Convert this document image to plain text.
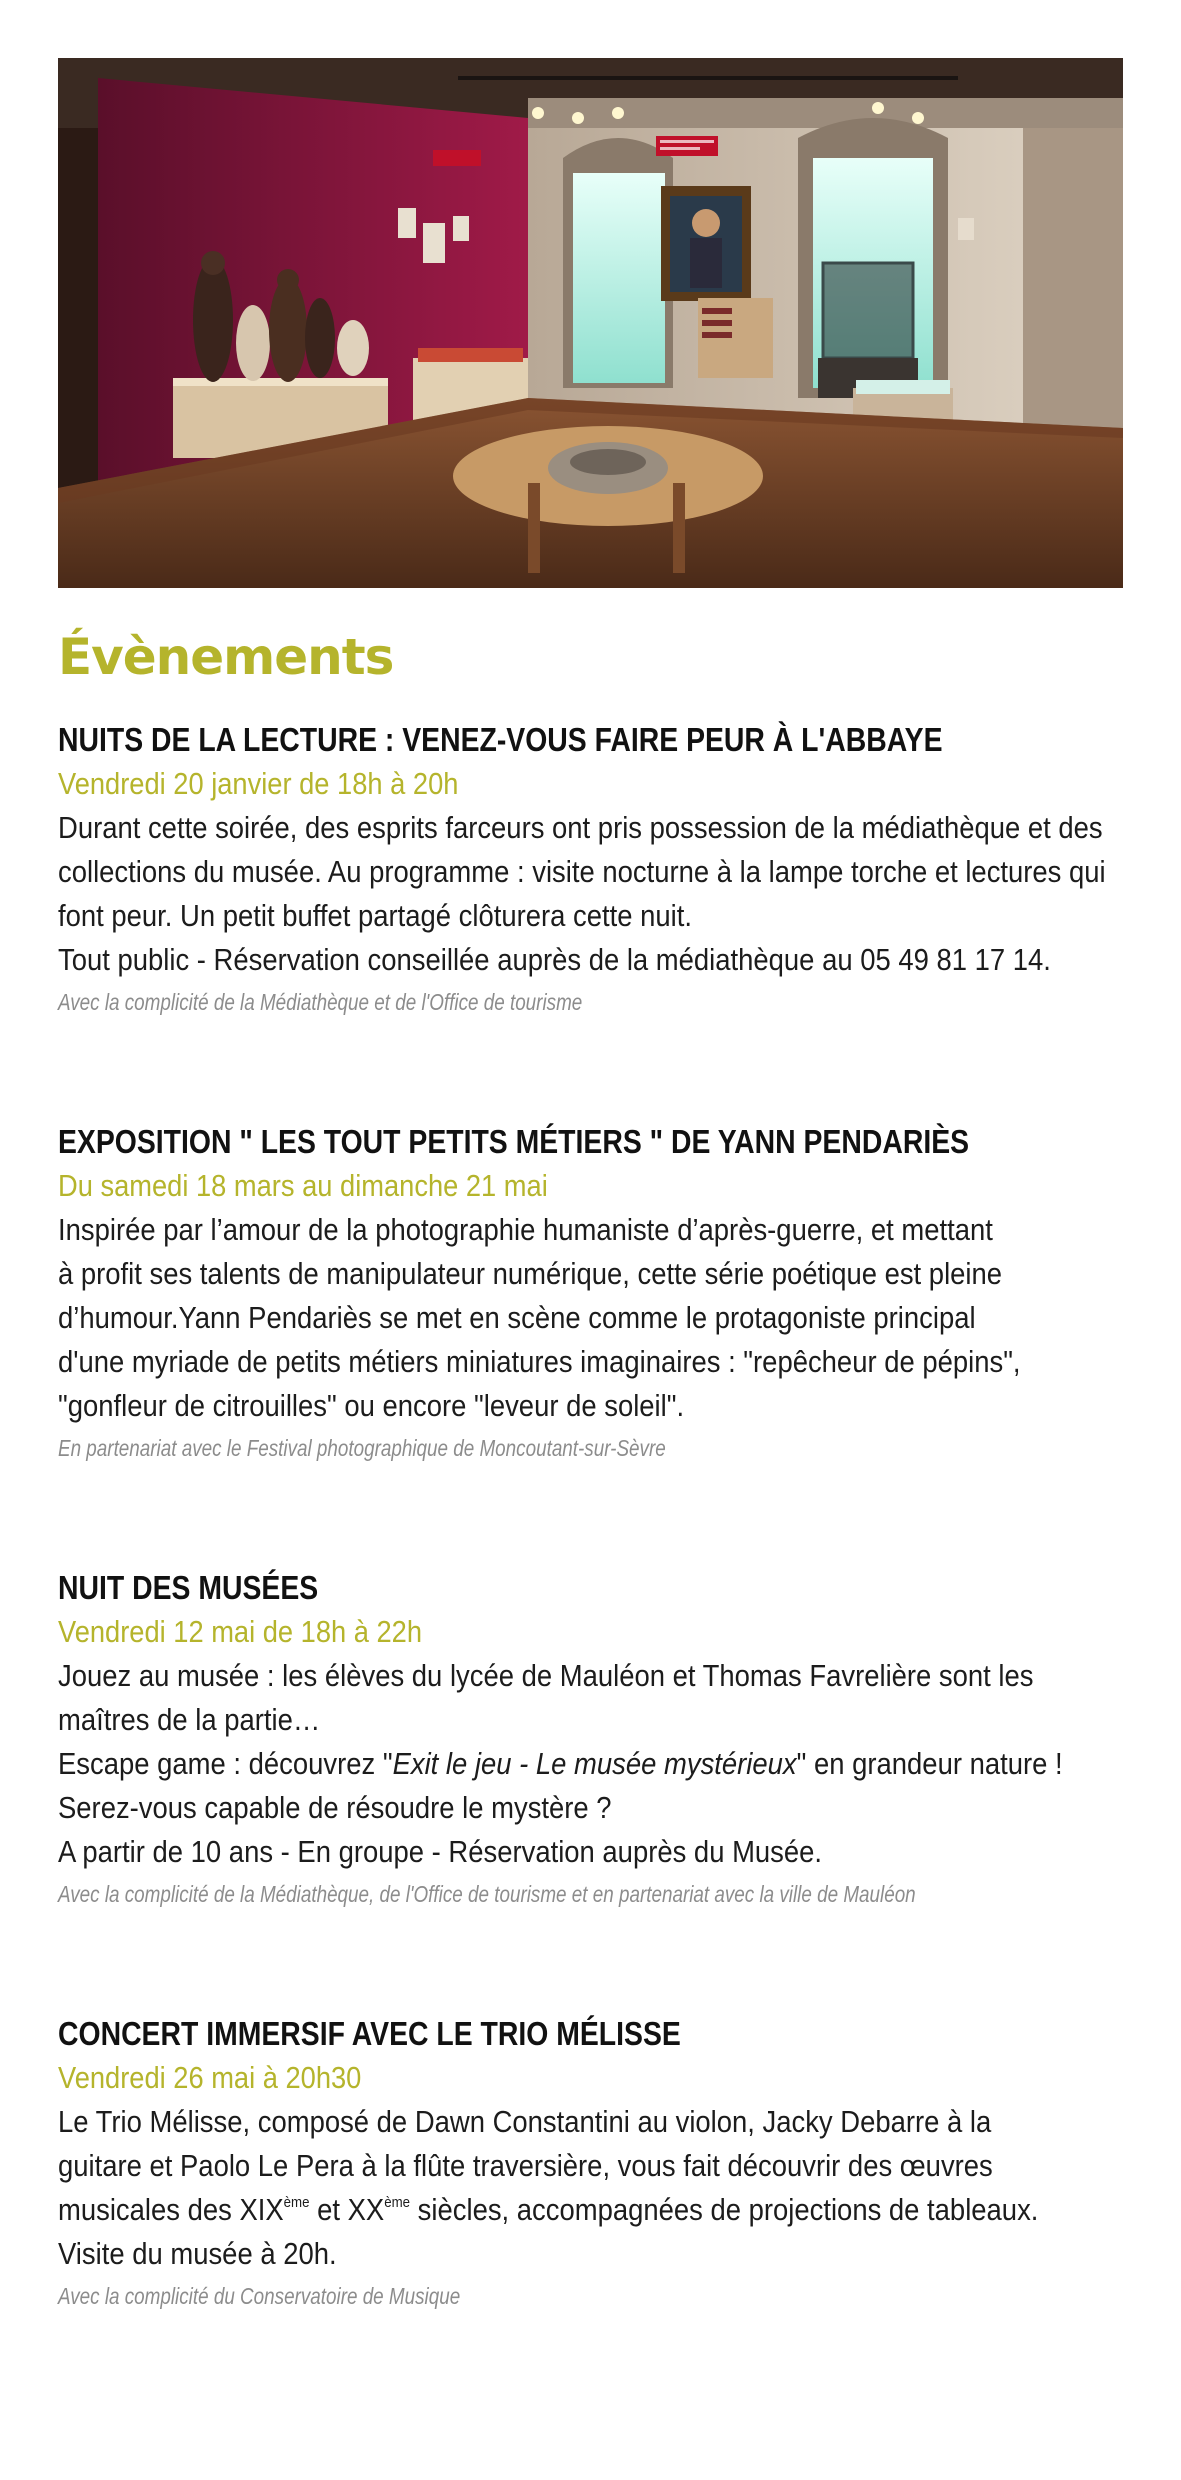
Évènements
NUITS DE LA LECTURE : VENEZ-VOUS FAIRE PEUR À L'ABBAYE
Vendredi 20 janvier de 18h à 20h
Durant cette soirée, des esprits farceurs ont pris possession de la médiathèque et des
collections du musée. Au programme : visite nocturne à la lampe torche et lectures qui
font peur. Un petit buffet partagé clôturera cette nuit.
Tout public - Réservation conseillée auprès de la médiathèque au 05 49 81 17 14.
Avec la complicité de la Médiathèque et de l'Office de tourisme
EXPOSITION " LES TOUT PETITS MÉTIERS " DE YANN PENDARIÈS
Du samedi 18 mars au dimanche 21 mai
Inspirée par l’amour de la photographie humaniste d’après-guerre, et mettant
à profit ses talents de manipulateur numérique, cette série poétique est pleine
d’humour.Yann Pendariès se met en scène comme le protagoniste principal
d'une myriade de petits métiers miniatures imaginaires : "repêcheur de pépins",
"gonfleur de citrouilles" ou encore "leveur de soleil".
En partenariat avec le Festival photographique de Moncoutant-sur-Sèvre
NUIT DES MUSÉES
Vendredi 12 mai de 18h à 22h
Jouez au musée : les élèves du lycée de Mauléon et Thomas Favrelière sont les
maîtres de la partie…
Escape game : découvrez "Exit le jeu - Le musée mystérieux" en grandeur nature !
Serez-vous capable de résoudre le mystère ?
A partir de 10 ans - En groupe - Réservation auprès du Musée.
Avec la complicité de la Médiathèque, de l'Office de tourisme et en partenariat avec la ville de Mauléon
CONCERT IMMERSIF AVEC LE TRIO MÉLISSE
Vendredi 26 mai à 20h30
Le Trio Mélisse, composé de Dawn Constantini au violon, Jacky Debarre à la
guitare et Paolo Le Pera à la flûte traversière, vous fait découvrir des œuvres
musicales des XIXème et XXème siècles, accompagnées de projections de tableaux.
Visite du musée à 20h.
Avec la complicité du Conservatoire de Musique
